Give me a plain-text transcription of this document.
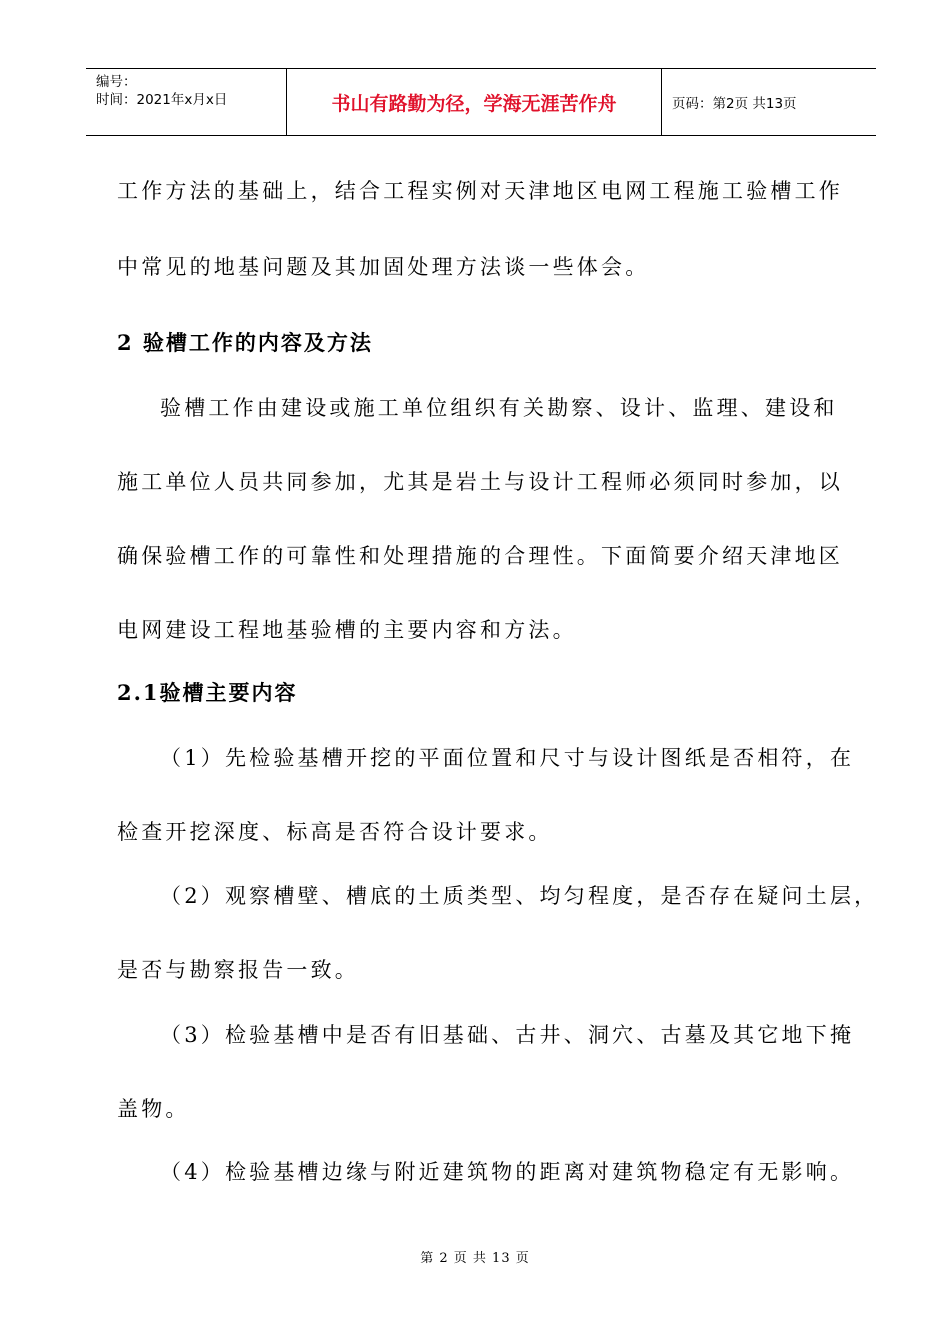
编号：
时间：2021年x月x日	书山有路勤为径，学海无涯苦作舟	页码：第2页 共13页
工作方法的基础上，结合工程实例对天津地区电网工程施工验槽工作
中常见的地基问题及其加固处理方法谈一些体会。
2 验槽工作的内容及方法
验槽工作由建设或施工单位组织有关勘察、设计、监理、建设和
施工单位人员共同参加，尤其是岩土与设计工程师必须同时参加，以
确保验槽工作的可靠性和处理措施的合理性。下面简要介绍天津地区
电网建设工程地基验槽的主要内容和方法。
2.1验槽主要内容
（1）先检验基槽开挖的平面位置和尺寸与设计图纸是否相符，在
检查开挖深度、标高是否符合设计要求。
（2）观察槽壁、槽底的土质类型、均匀程度，是否存在疑问土层，
是否与勘察报告一致。
（3）检验基槽中是否有旧基础、古井、洞穴、古墓及其它地下掩
盖物。
（4）检验基槽边缘与附近建筑物的距离对建筑物稳定有无影响。
第 2 页 共 13 页
